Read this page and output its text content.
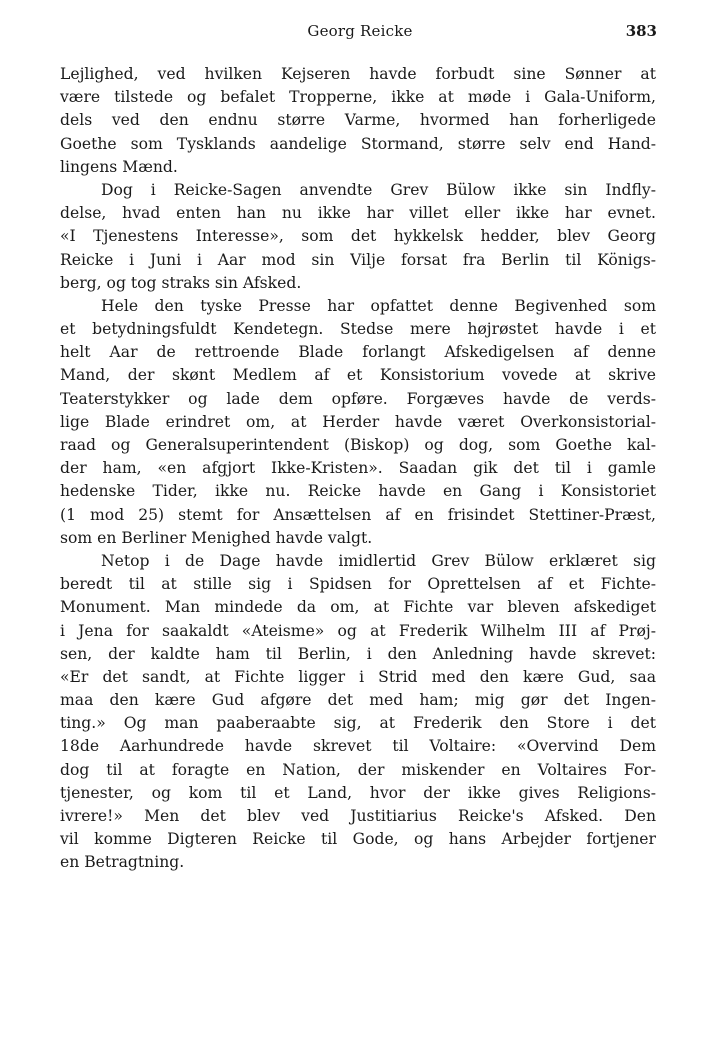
Georg Reicke	383
Lejlighed, ved hvilken Kejseren havde forbudt sine Sønner at
være tilstede og befalet Tropperne, ikke at møde i Gala-Uniform,
dels ved den endnu større Varme, hvormed han forherligede
Goethe som Tysklands aandelige Stormand, større selv end Hand-
lingens Mænd.
Dog i Reicke-Sagen anvendte Grev Bülow ikke sin Indfly-
delse, hvad enten han nu ikke har villet eller ikke har evnet.
«I Tjenestens Interesse», som det hykkelsk hedder, blev Georg
Reicke i Juni i Aar mod sin Vilje forsat fra Berlin til Königs-
berg, og tog straks sin Afsked.
Hele den tyske Presse har opfattet denne Begivenhed som
et betydningsfuldt Kendetegn. Stedse mere højrøstet havde i et
helt Aar de rettroende Blade forlangt Afskedigelsen af denne
Mand, der skønt Medlem af et Konsistorium vovede at skrive
Teaterstykker og lade dem opføre. Forgæves havde de verds-
lige Blade erindret om, at Herder havde været Overkonsistorial-
raad og Generalsuperintendent (Biskop) og dog, som Goethe kal-
der ham, «en afgjort Ikke-Kristen». Saadan gik det til i gamle
hedenske Tider, ikke nu. Reicke havde en Gang i Konsistoriet
(1 mod 25) stemt for Ansættelsen af en frisindet Stettiner-Præst,
som en Berliner Menighed havde valgt.
Netop i de Dage havde imidlertid Grev Bülow erklæret sig
beredt til at stille sig i Spidsen for Oprettelsen af et Fichte-
Monument. Man mindede da om, at Fichte var bleven afskediget
i Jena for saakaldt «Ateisme» og at Frederik Wilhelm III af Prøj-
sen, der kaldte ham til Berlin, i den Anledning havde skrevet:
«Er det sandt, at Fichte ligger i Strid med den kære Gud, saa
maa den kære Gud afgøre det med ham; mig gør det Ingen-
ting.» Og man paaberaabte sig, at Frederik den Store i det
18de Aarhundrede havde skrevet til Voltaire: «Overvind Dem
dog til at foragte en Nation, der miskender en Voltaires For-
tjenester, og kom til et Land, hvor der ikke gives Religions-
ivrere!» Men det blev ved Justitiarius Reicke's Afsked. Den
vil komme Digteren Reicke til Gode, og hans Arbejder fortjener
en Betragtning.
